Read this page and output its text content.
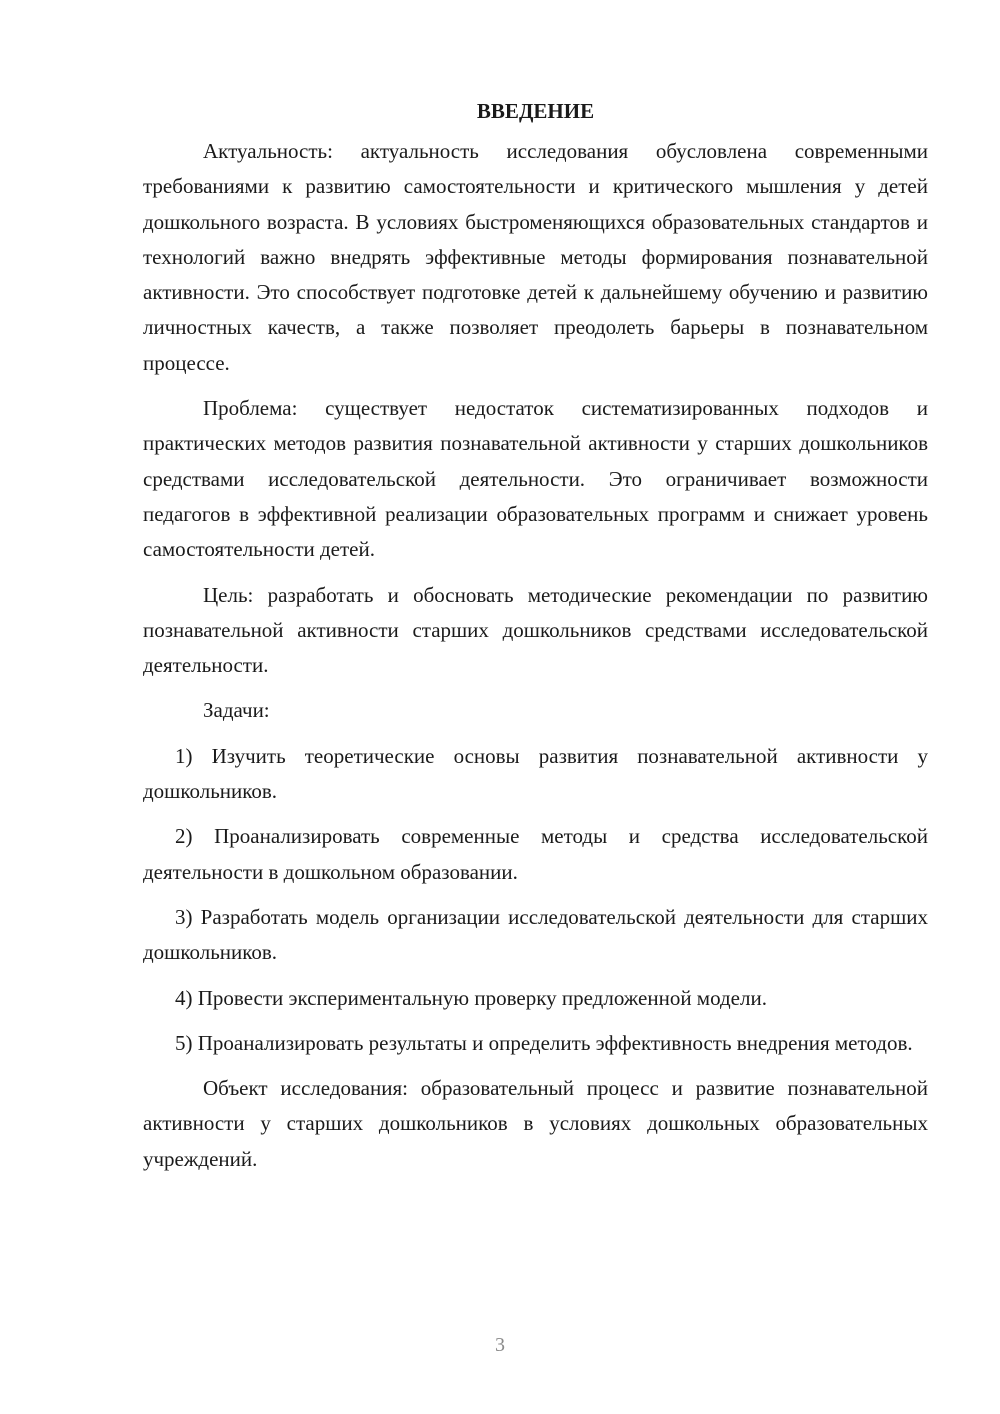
ВВЕДЕНИЕ

Актуальность: актуальность исследования обусловлена современными требованиями к развитию самостоятельности и критического мышления у детей дошкольного возраста. В условиях быстроменяющихся образовательных стандартов и технологий важно внедрять эффективные методы формирования познавательной активности. Это способствует подготовке детей к дальнейшему обучению и развитию личностных качеств, а также позволяет преодолеть барьеры в познавательном процессе.

Проблема: существует недостаток систематизированных подходов и практических методов развития познавательной активности у старших дошкольников средствами исследовательской деятельности. Это ограничивает возможности педагогов в эффективной реализации образовательных программ и снижает уровень самостоятельности детей.

Цель: разработать и обосновать методические рекомендации по развитию познавательной активности старших дошкольников средствами исследовательской деятельности.

Задачи:

1) Изучить теоретические основы развития познавательной активности у дошкольников.

2) Проанализировать современные методы и средства исследовательской деятельности в дошкольном образовании.

3) Разработать модель организации исследовательской деятельности для старших дошкольников.

4) Провести экспериментальную проверку предложенной модели.

5) Проанализировать результаты и определить эффективность внедрения методов.

Объект исследования: образовательный процесс и развитие познавательной активности у старших дошкольников в условиях дошкольных образовательных учреждений.

3
